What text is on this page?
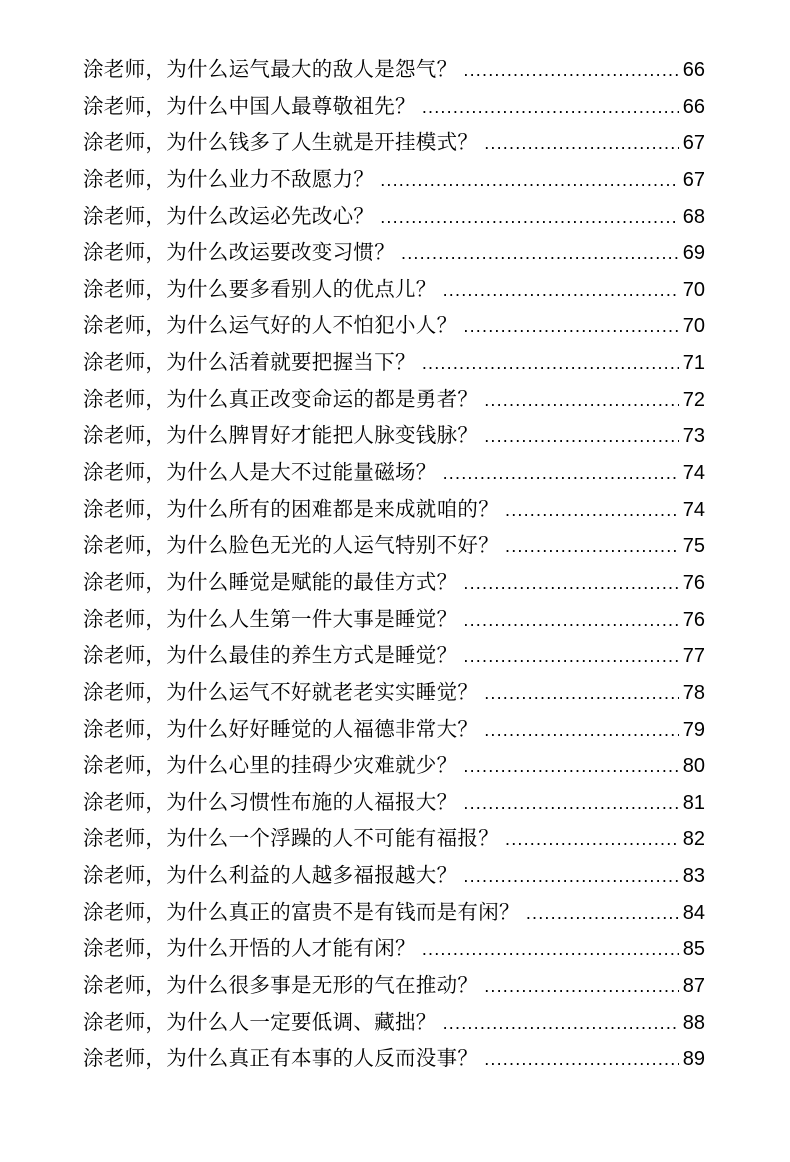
涂老师，为什么运气最大的敌人是怨气？ .....	66
涂老师，为什么中国人最尊敬祖先？ .....	66
涂老师，为什么钱多了人生就是开挂模式？ .....	67
涂老师，为什么业力不敌愿力？ .....	67
涂老师，为什么改运必先改心？ .....	68
涂老师，为什么改运要改变习惯？ .....	69
涂老师，为什么要多看别人的优点儿？ .....	70
涂老师，为什么运气好的人不怕犯小人？ .....	70
涂老师，为什么活着就要把握当下？ .....	71
涂老师，为什么真正改变命运的都是勇者？ .....	72
涂老师，为什么脾胃好才能把人脉变钱脉？ .....	73
涂老师，为什么人是大不过能量磁场？ .....	74
涂老师，为什么所有的困难都是来成就咱的？ .....	74
涂老师，为什么脸色无光的人运气特别不好？ .....	75
涂老师，为什么睡觉是赋能的最佳方式？ .....	76
涂老师，为什么人生第一件大事是睡觉？ .....	76
涂老师，为什么最佳的养生方式是睡觉？ .....	77
涂老师，为什么运气不好就老老实实睡觉？ .....	78
涂老师，为什么好好睡觉的人福德非常大？ .....	79
涂老师，为什么心里的挂碍少灾难就少？ .....	80
涂老师，为什么习惯性布施的人福报大？ .....	81
涂老师，为什么一个浮躁的人不可能有福报？ .....	82
涂老师，为什么利益的人越多福报越大？ .....	83
涂老师，为什么真正的富贵不是有钱而是有闲？ .....	84
涂老师，为什么开悟的人才能有闲？ .....	85
涂老师，为什么很多事是无形的气在推动？ .....	87
涂老师，为什么人一定要低调、藏拙？ .....	88
涂老师，为什么真正有本事的人反而没事？ .....	89
